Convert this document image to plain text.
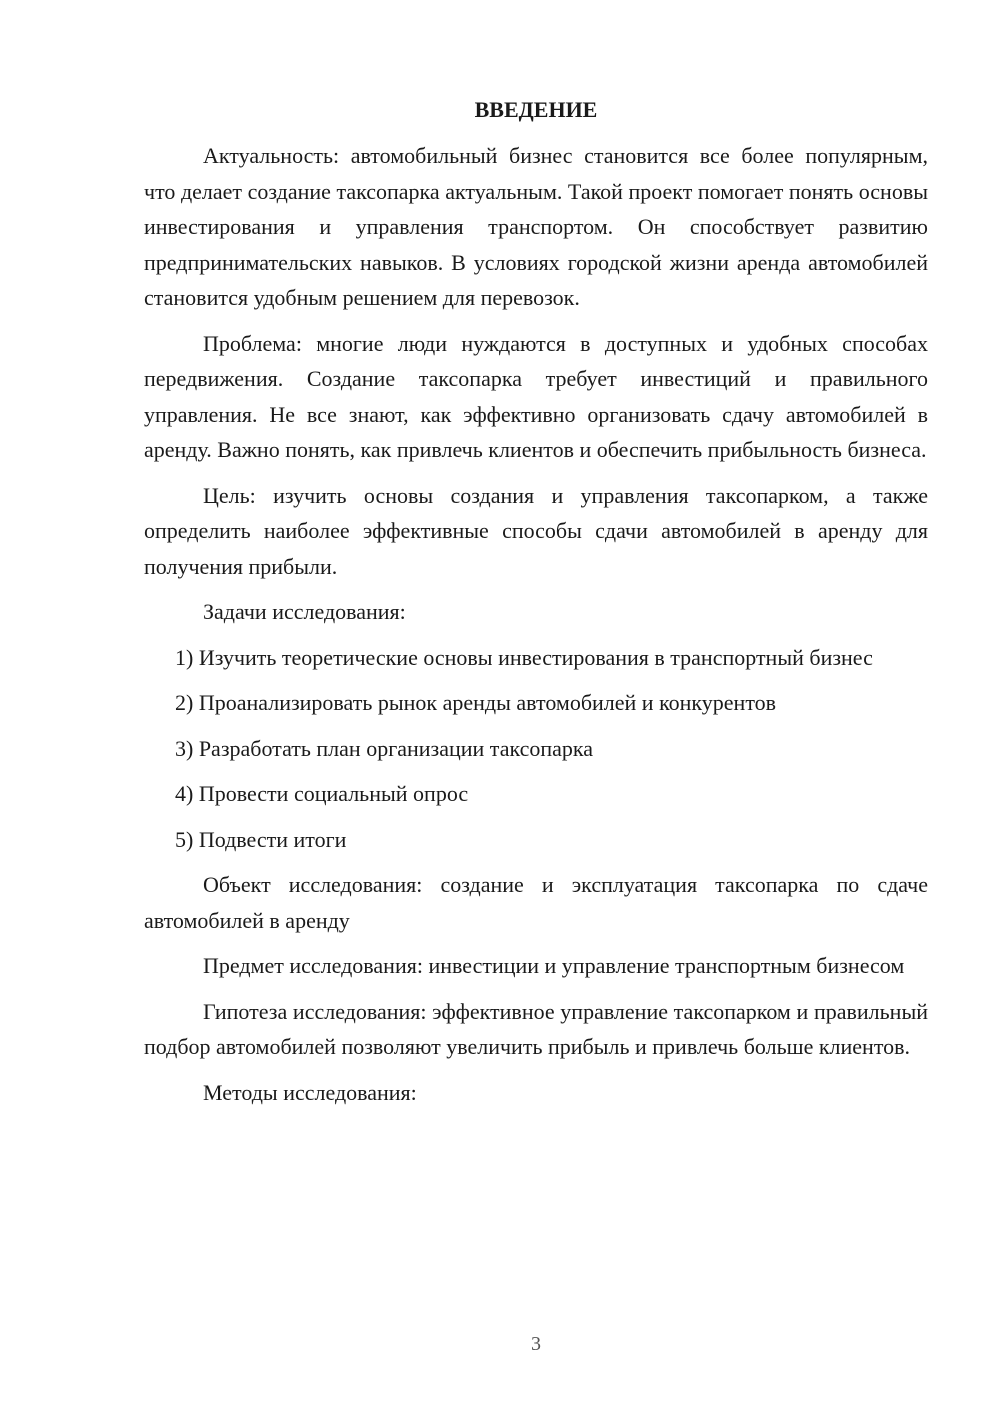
ВВЕДЕНИЕ

Актуальность: автомобильный бизнес становится все более популярным, что делает создание таксопарка актуальным. Такой проект помогает понять основы инвестирования и управления транспортом. Он способствует развитию предпринимательских навыков. В условиях городской жизни аренда автомобилей становится удобным решением для перевозок.

Проблема: многие люди нуждаются в доступных и удобных способах передвижения. Создание таксопарка требует инвестиций и правильного управления. Не все знают, как эффективно организовать сдачу автомобилей в аренду. Важно понять, как привлечь клиентов и обеспечить прибыльность бизнеса.

Цель: изучить основы создания и управления таксопарком, а также определить наиболее эффективные способы сдачи автомобилей в аренду для получения прибыли.

Задачи исследования:

1) Изучить теоретические основы инвестирования в транспортный бизнес

2) Проанализировать рынок аренды автомобилей и конкурентов

3) Разработать план организации таксопарка

4) Провести социальный опрос

5) Подвести итоги

Объект исследования: создание и эксплуатация таксопарка по сдаче автомобилей в аренду

Предмет исследования: инвестиции и управление транспортным бизнесом

Гипотеза исследования: эффективное управление таксопарком и правильный подбор автомобилей позволяют увеличить прибыль и привлечь больше клиентов.

Методы исследования:

3
